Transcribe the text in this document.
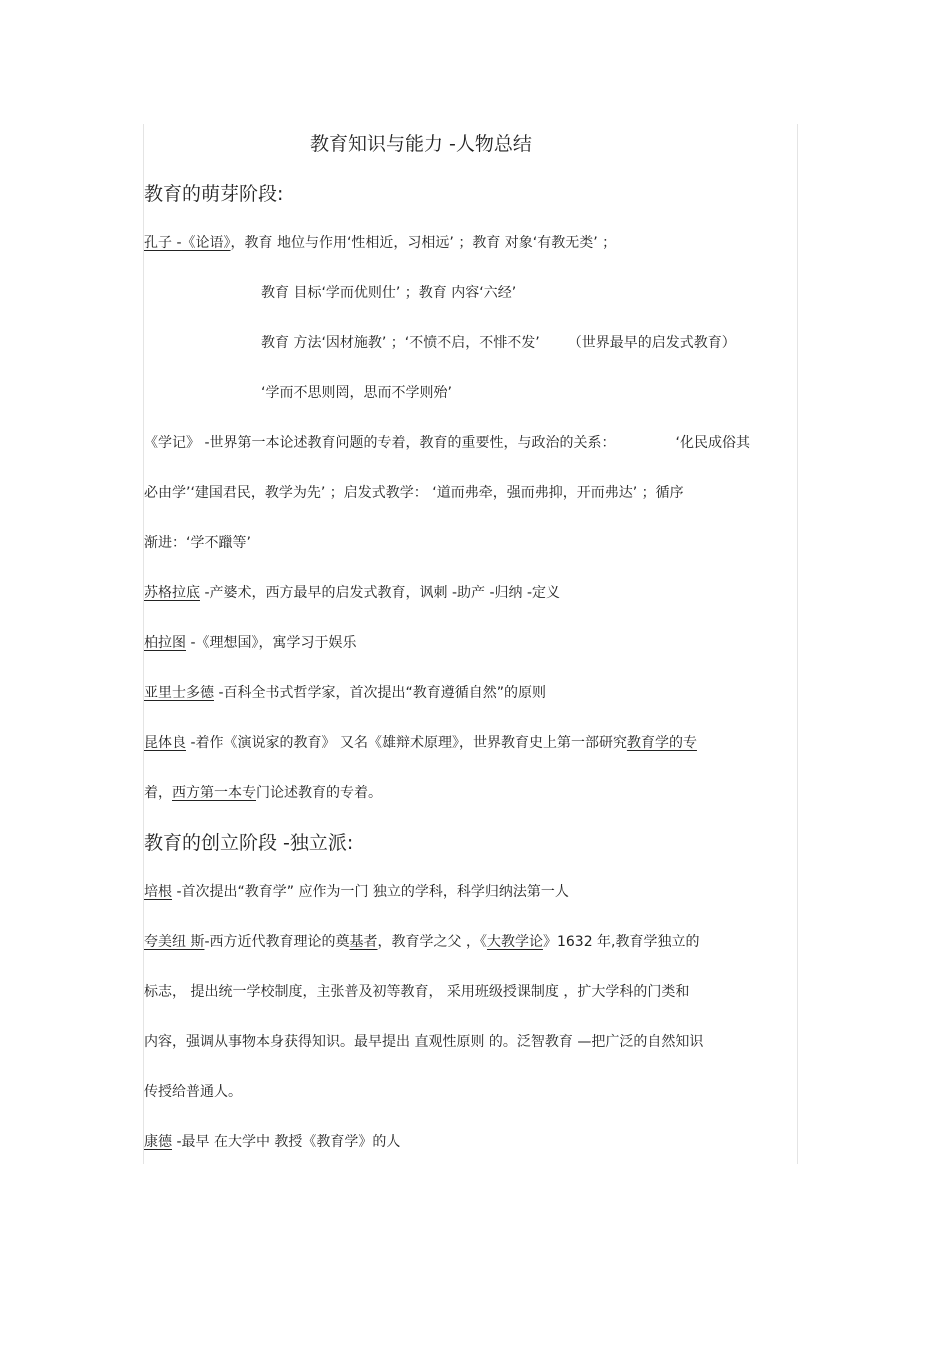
教育知识与能力 -人物总结
教育的萌芽阶段:
孔子 -《论语》，教育 地位与作用‘性相近，习相远’ ；教育 对象‘有教无类’ ；
教育 目标‘学而优则仕’ ；教育 内容‘六经’
教育 方法‘因材施教’ ；‘不愤不启，不悱不发’ （世界最早的启发式教育）
‘学而不思则罔，思而不学则殆’
《学记》 -世界第一本论述教育问题的专着，教育的重要性，与政治的关系：	‘化民成俗其
必由学’‘建国君民，教学为先’ ；启发式教学： ‘道而弗牵，强而弗抑，开而弗达’ ；循序
渐进：‘学不躐等’
苏格拉底 -产婆术，西方最早的启发式教育，讽刺 -助产 -归纳 -定义
柏拉图 -《理想国》，寓学习于娱乐
亚里士多德 -百科全书式哲学家，首次提出“教育遵循自然”的原则
昆体良 -着作《演说家的教育》 又名《雄辩术原理》，世界教育史上第一部研究教育学的专
着，西方第一本专门论述教育的专着。
教育的创立阶段 -独立派:
培根 -首次提出“教育学” 应作为一门 独立的学科，科学归纳法第一人
夸美纽 斯-西方近代教育理论的奠基者，教育学之父 ，《大教学论》1632 年,教育学独立的
标志， 提出统一学校制度，主张普及初等教育， 采用班级授课制度 ，扩大学科的门类和
内容，强调从事物本身获得知识。最早提出 直观性原则 的。泛智教育 —把广泛的自然知识
传授给普通人。
康德 -最早 在大学中 教授《教育学》的人
